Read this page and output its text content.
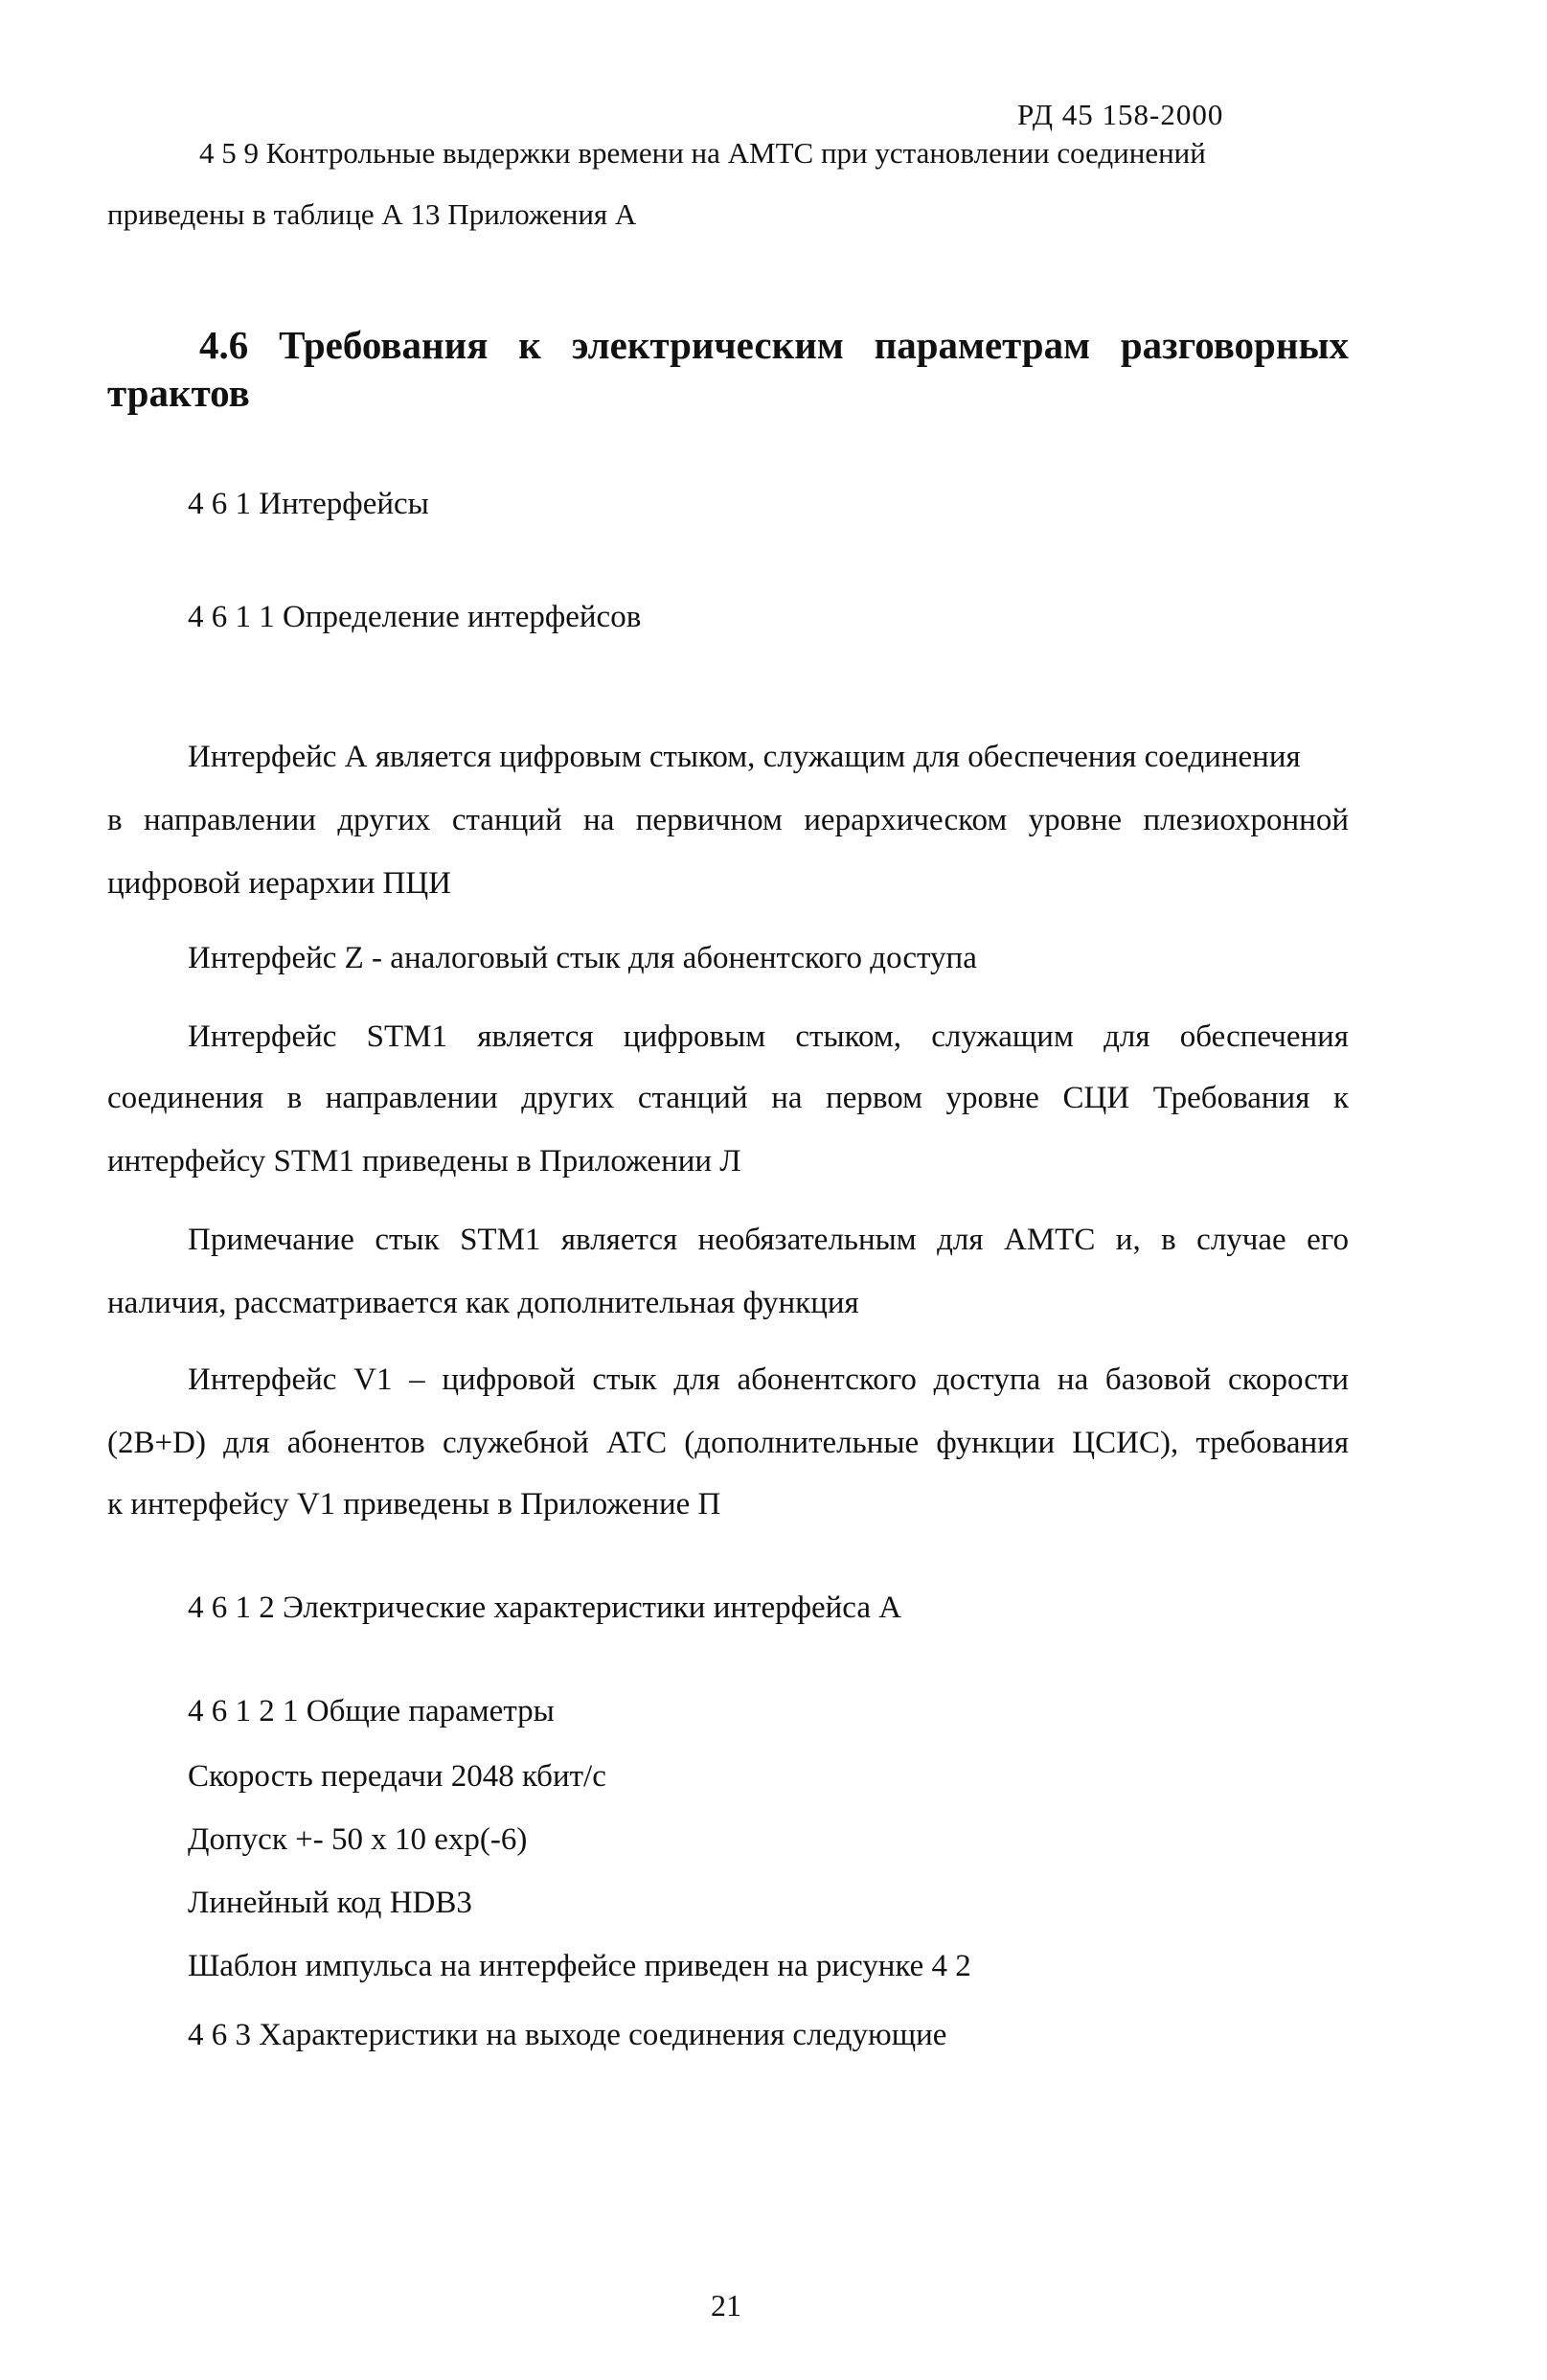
РД 45 158-2000

4 5 9 Контрольные выдержки времени на АМТС при установлении соединений

приведены в таблице А 13 Приложения А

4.6 Требования к электрическим параметрам разговорных

трактов

4 6 1 Интерфейсы

4 6 1 1 Определение интерфейсов

Интерфейс А является цифровым стыком, служащим для обеспечения соединения

в направлении других станций на первичном иерархическом уровне плезиохронной

цифровой иерархии ПЦИ

Интерфейс Z - аналоговый стык для абонентского доступа

Интерфейс STM1 является цифровым стыком, служащим для обеспечения

соединения в направлении других станций на первом уровне СЦИ Требования к

интерфейсу STM1 приведены в Приложении Л

Примечание стык STM1 является необязательным для АМТС и, в случае его

наличия, рассматривается как дополнительная функция

Интерфейс V1 – цифровой стык для абонентского доступа на базовой скорости

(2B+D) для абонентов служебной АТС (дополнительные функции ЦСИС), требования

к интерфейсу V1 приведены в Приложение П

4 6 1 2 Электрические характеристики интерфейса А

4 6 1 2 1 Общие параметры

Скорость передачи 2048 кбит/с

Допуск +- 50 х 10 exp(-6)

Линейный код HDB3

Шаблон импульса на интерфейсе приведен на рисунке 4 2

4 6 3 Характеристики на выходе соединения следующие

21
